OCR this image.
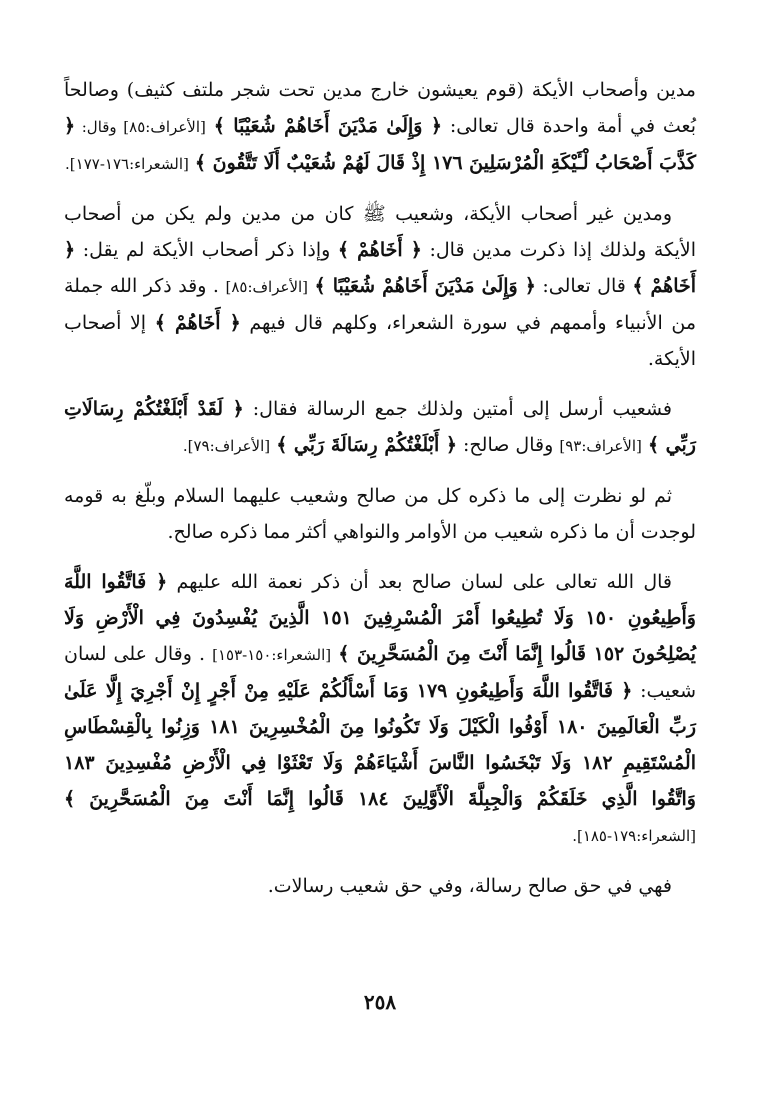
مدين وأصحاب الأيكة (قوم يعيشون خارج مدين تحت شجر ملتف كثيف) وصالحاً بُعث في أمة واحدة قال تعالى: ﴿ وَإِلَىٰ مَدْيَنَ أَخَاهُمْ شُعَيْبًا ﴾ [الأعراف:٨٥] وقال: ﴿ كَذَّبَ أَصْحَابُ لْـَٔيْكَةِ الْمُرْسَلِينَ ١٧٦ إِذْ قَالَ لَهُمْ شُعَيْبٌ أَلَا تَتَّقُونَ ﴾ [الشعراء:١٧٦-١٧٧].

ومدين غير أصحاب الأيكة، وشعيب ﷺ كان من مدين ولم يكن من أصحاب الأيكة ولذلك إذا ذكرت مدين قال: ﴿ أَخَاهُمْ ﴾ وإذا ذكر أصحاب الأيكة لم يقل: ﴿ أَخَاهُمْ ﴾ قال تعالى: ﴿ وَإِلَىٰ مَدْيَنَ أَخَاهُمْ شُعَيْبًا ﴾ [الأعراف:٨٥] . وقد ذكر الله جملة من الأنبياء وأممهم في سورة الشعراء، وكلهم قال فيهم ﴿ أَخَاهُمْ ﴾ إلا أصحاب الأيكة.

فشعيب أرسل إلى أمتين ولذلك جمع الرسالة فقال: ﴿ لَقَدْ أَبْلَغْتُكُمْ رِسَالَاتِ رَبِّي ﴾ [الأعراف:٩٣] وقال صالح: ﴿ أَبْلَغْتُكُمْ رِسَالَةَ رَبِّي ﴾ [الأعراف:٧٩].

ثم لو نظرت إلى ما ذكره كل من صالح وشعيب عليهما السلام وبلّغ به قومه لوجدت أن ما ذكره شعيب من الأوامر والنواهي أكثر مما ذكره صالح.

قال الله تعالى على لسان صالح بعد أن ذكر نعمة الله عليهم ﴿ فَاتَّقُوا اللَّهَ وَأَطِيعُونِ ١٥٠ وَلَا تُطِيعُوا أَمْرَ الْمُسْرِفِينَ ١٥١ الَّذِينَ يُفْسِدُونَ فِي الْأَرْضِ وَلَا يُصْلِحُونَ ١٥٢ قَالُوا إِنَّمَا أَنْتَ مِنَ الْمُسَحَّرِينَ ﴾ [الشعراء:١٥٠-١٥٣] . وقال على لسان شعيب: ﴿ فَاتَّقُوا اللَّهَ وَأَطِيعُونِ ١٧٩ وَمَا أَسْأَلُكُمْ عَلَيْهِ مِنْ أَجْرٍ إِنْ أَجْرِيَ إِلَّا عَلَىٰ رَبِّ الْعَالَمِينَ ١٨٠ أَوْفُوا الْكَيْلَ وَلَا تَكُونُوا مِنَ الْمُخْسِرِينَ ١٨١ وَزِنُوا بِالْقِسْطَاسِ الْمُسْتَقِيمِ ١٨٢ وَلَا تَبْخَسُوا النَّاسَ أَشْيَاءَهُمْ وَلَا تَعْثَوْا فِي الْأَرْضِ مُفْسِدِينَ ١٨٣ وَاتَّقُوا الَّذِي خَلَقَكُمْ وَالْجِبِلَّةَ الْأَوَّلِينَ ١٨٤ قَالُوا إِنَّمَا أَنْتَ مِنَ الْمُسَحَّرِينَ ﴾ [الشعراء:١٧٩-١٨٥].

فهي في حق صالح رسالة، وفي حق شعيب رسالات.

٢٥٨
